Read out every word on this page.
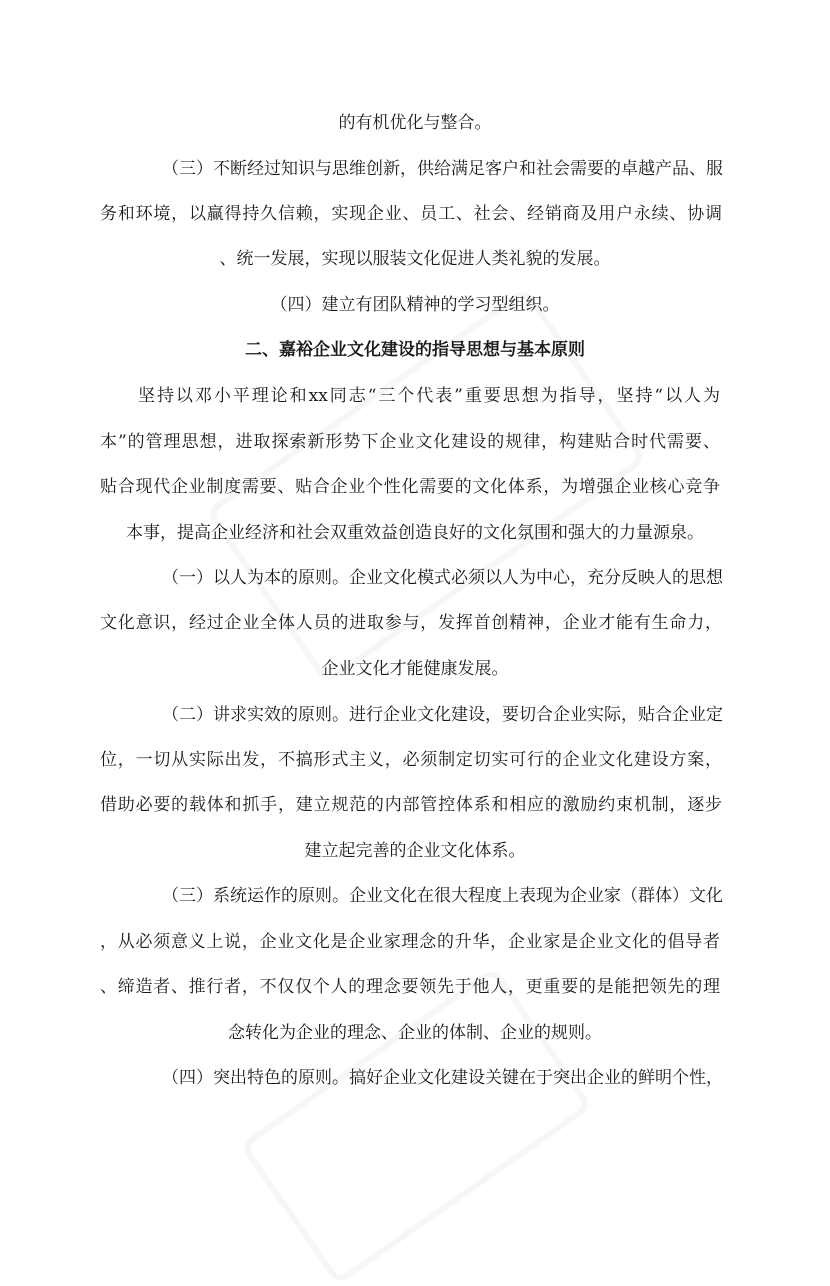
的有机优化与整合。
（三）不断经过知识与思维创新，供给满足客户和社会需要的卓越产品、服
务和环境，以赢得持久信赖，实现企业、员工、社会、经销商及用户永续、协调
、统一发展，实现以服装文化促进人类礼貌的发展。
（四）建立有团队精神的学习型组织。
二、嘉裕企业文化建设的指导思想与基本原则
坚持以邓小平理论和xx同志“三个代表”重要思想为指导，坚持“以人为
本”的管理思想，进取探索新形势下企业文化建设的规律，构建贴合时代需要、
贴合现代企业制度需要、贴合企业个性化需要的文化体系，为增强企业核心竞争
本事，提高企业经济和社会双重效益创造良好的文化氛围和强大的力量源泉。
（一）以人为本的原则。企业文化模式必须以人为中心，充分反映人的思想
文化意识，经过企业全体人员的进取参与，发挥首创精神，企业才能有生命力，
企业文化才能健康发展。
（二）讲求实效的原则。进行企业文化建设，要切合企业实际，贴合企业定
位，一切从实际出发，不搞形式主义，必须制定切实可行的企业文化建设方案，
借助必要的载体和抓手，建立规范的内部管控体系和相应的激励约束机制，逐步
建立起完善的企业文化体系。
（三）系统运作的原则。企业文化在很大程度上表现为企业家（群体）文化
，从必须意义上说，企业文化是企业家理念的升华，企业家是企业文化的倡导者
、缔造者、推行者，不仅仅个人的理念要领先于他人，更重要的是能把领先的理
念转化为企业的理念、企业的体制、企业的规则。
（四）突出特色的原则。搞好企业文化建设关键在于突出企业的鲜明个性，
